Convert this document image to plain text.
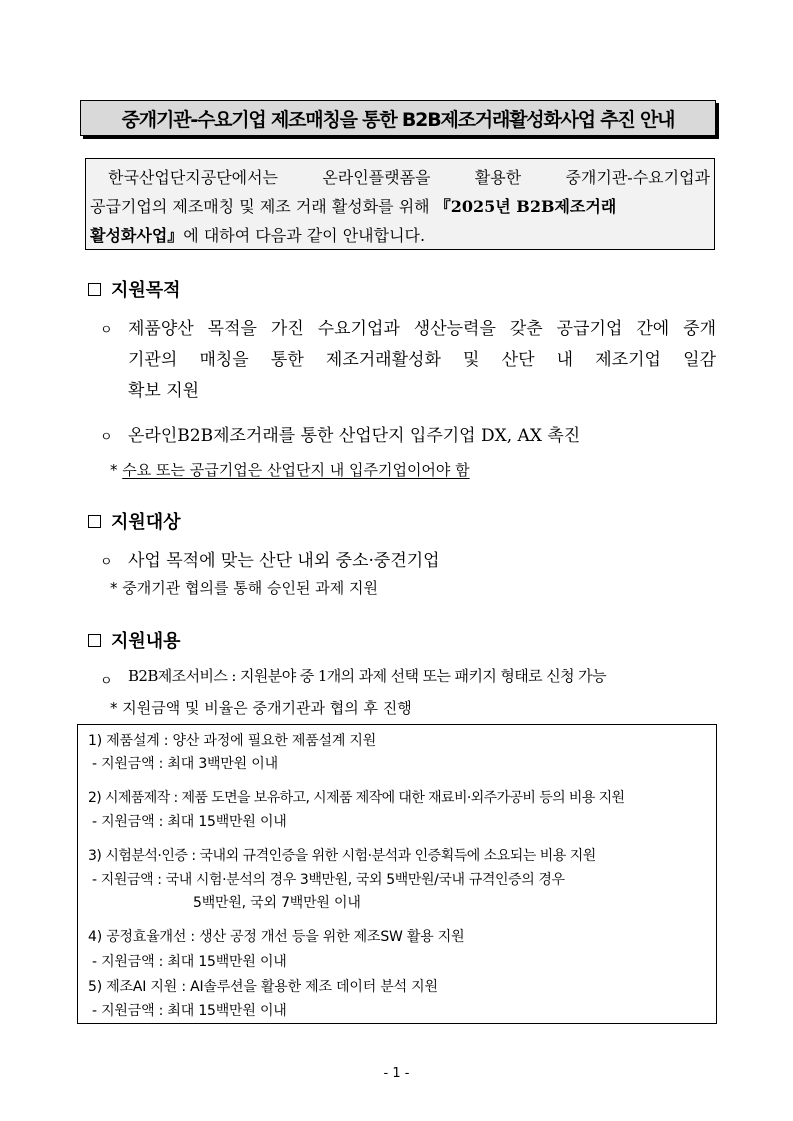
중개기관-수요기업 제조매칭을 통한 B2B제조거래활성화사업 추진 안내
한국산업단지공단에서는 온라인플랫폼을 활용한 중개기관-수요기업과
공급기업의 제조매칭 및 제조 거래 활성화를 위해 『2025년 B2B제조거래
활성화사업』에 대하여 다음과 같이 안내합니다.
지원목적
ㅇ 제품양산 목적을 가진 수요기업과 생산능력을 갖춘 공급기업 간에 중개
기관의 매칭을 통한 제조거래활성화 및 산단 내 제조기업 일감
확보 지원
ㅇ 온라인B2B제조거래를 통한 산업단지 입주기업 DX, AX 촉진
* 수요 또는 공급기업은 산업단지 내 입주기업이어야 함
지원대상
ㅇ 사업 목적에 맞는 산단 내외 중소·중견기업
* 중개기관 협의를 통해 승인된 과제 지원
지원내용
ㅇ B2B제조서비스 : 지원분야 중 1개의 과제 선택 또는 패키지 형태로 신청 가능
* 지원금액 및 비율은 중개기관과 협의 후 진행
1) 제품설계 : 양산 과정에 필요한 제품설계 지원
- 지원금액 : 최대 3백만원 이내
2) 시제품제작 : 제품 도면을 보유하고, 시제품 제작에 대한 재료비·외주가공비 등의 비용 지원
- 지원금액 : 최대 15백만원 이내
3) 시험분석·인증 : 국내외 규격인증을 위한 시험·분석과 인증획득에 소요되는 비용 지원
- 지원금액 : 국내 시험·분석의 경우 3백만원, 국외 5백만원/국내 규격인증의 경우
5백만원, 국외 7백만원 이내
4) 공정효율개선 : 생산 공정 개선 등을 위한 제조SW 활용 지원
- 지원금액 : 최대 15백만원 이내
5) 제조AI 지원 : AI솔루션을 활용한 제조 데이터 분석 지원
- 지원금액 : 최대 15백만원 이내
- 1 -
